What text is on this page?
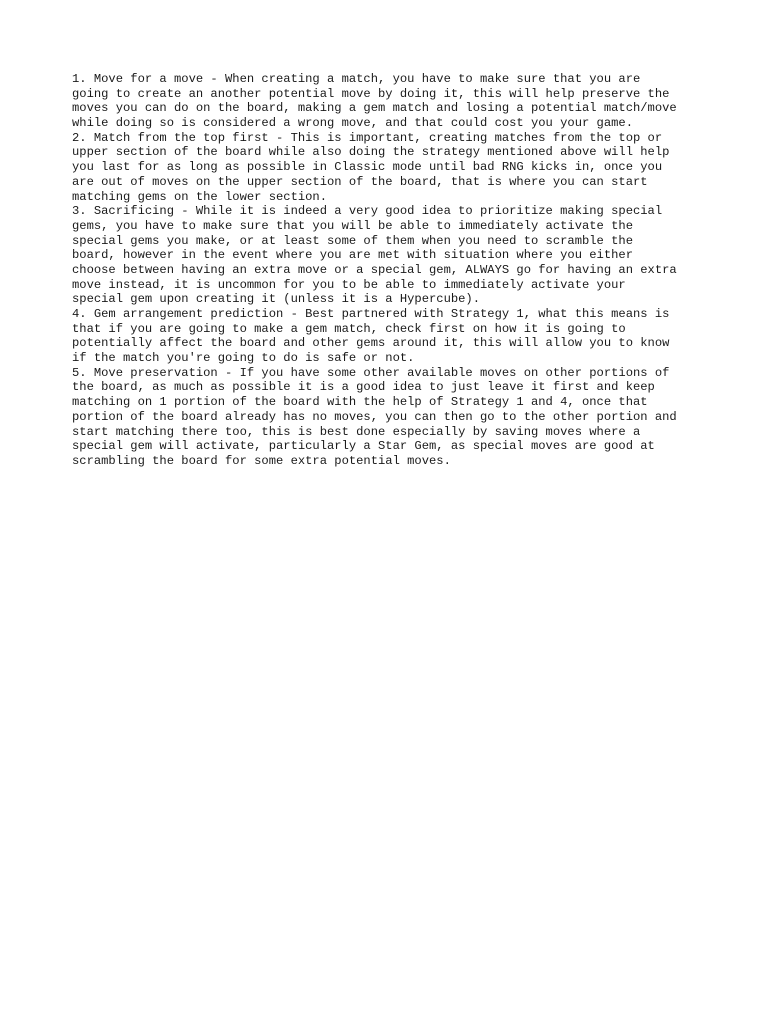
1. Move for a move - When creating a match, you have to make sure that you are
going to create an another potential move by doing it, this will help preserve the
moves you can do on the board, making a gem match and losing a potential match/move
while doing so is considered a wrong move, and that could cost you your game.
2. Match from the top first - This is important, creating matches from the top or
upper section of the board while also doing the strategy mentioned above will help
you last for as long as possible in Classic mode until bad RNG kicks in, once you
are out of moves on the upper section of the board, that is where you can start
matching gems on the lower section.
3. Sacrificing - While it is indeed a very good idea to prioritize making special
gems, you have to make sure that you will be able to immediately activate the
special gems you make, or at least some of them when you need to scramble the
board, however in the event where you are met with situation where you either
choose between having an extra move or a special gem, ALWAYS go for having an extra
move instead, it is uncommon for you to be able to immediately activate your
special gem upon creating it (unless it is a Hypercube).
4. Gem arrangement prediction - Best partnered with Strategy 1, what this means is
that if you are going to make a gem match, check first on how it is going to
potentially affect the board and other gems around it, this will allow you to know
if the match you're going to do is safe or not.
5. Move preservation - If you have some other available moves on other portions of
the board, as much as possible it is a good idea to just leave it first and keep
matching on 1 portion of the board with the help of Strategy 1 and 4, once that
portion of the board already has no moves, you can then go to the other portion and
start matching there too, this is best done especially by saving moves where a
special gem will activate, particularly a Star Gem, as special moves are good at
scrambling the board for some extra potential moves.
